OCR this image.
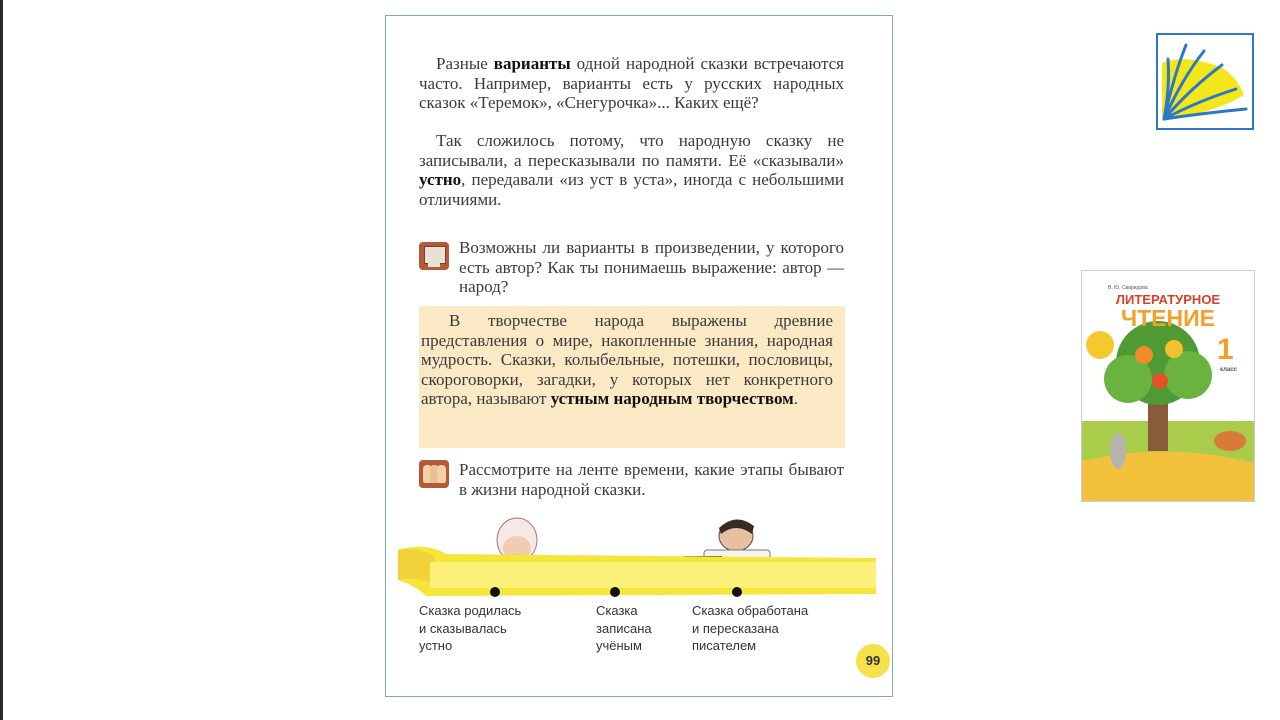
Разные варианты одной народной сказки встречаются часто. Например, варианты есть у русских народных сказок «Теремок», «Снегурочка»... Каких ещё?
Так сложилось потому, что народную сказку не записывали, а пересказывали по памяти. Её «сказывали» устно, передавали «из уст в уста», иногда с небольшими отличиями.
Возможны ли варианты в произведении, у которого есть автор? Как ты понимаешь выражение: автор — народ?
В творчестве народа выражены древние представления о мире, накопленные знания, народная мудрость. Сказки, колыбельные, потешки, пословицы, скороговорки, загадки, у которых нет конкретного автора, называют устным народным творчеством.
Рассмотрите на ленте времени, какие этапы бывают в жизни народной сказки.
Сказка родилась
и сказывалась
устно
Сказка
записана
учёным
Сказка обработана
и пересказана
писателем
99
В. Ю. Свиридова
ЛИТЕРАТУРНОЕ
ЧТЕНИЕ
1
класс
